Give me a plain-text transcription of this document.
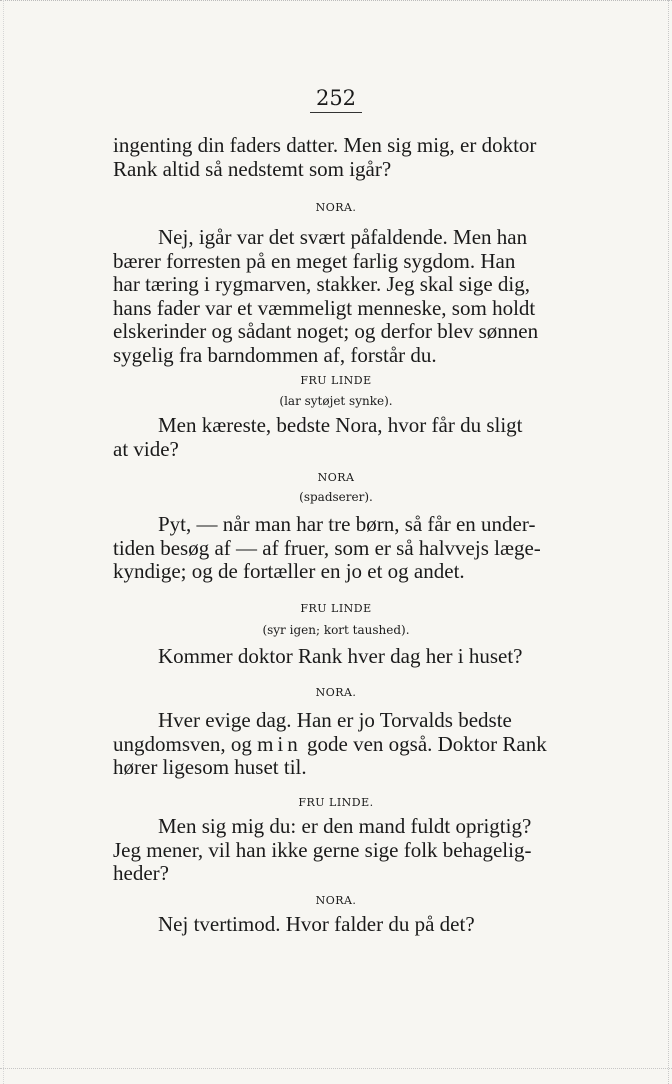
252
ingenting din faders datter. Men sig mig, er doktor
Rank altid så nedstemt som igår?

NORA.

Nej, igår var det svært påfaldende. Men han
bærer forresten på en meget farlig sygdom. Han
har tæring i rygmarven, stakker. Jeg skal sige dig,
hans fader var et væmmeligt menneske, som holdt
elskerinder og sådant noget; og derfor blev sønnen
sygelig fra barndommen af, forstår du.

FRU LINDE

(lar sytøjet synke).

Men kæreste, bedste Nora, hvor får du sligt
at vide?

NORA

(spadserer).

Pyt, — når man har tre børn, så får en under-
tiden besøg af — af fruer, som er så halvvejs læge-
kyndige; og de fortæller en jo et og andet.

FRU LINDE

(syr igen; kort taushed).

Kommer doktor Rank hver dag her i huset?

NORA.

Hver evige dag. Han er jo Torvalds bedste
ungdomsven, og min gode ven også. Doktor Rank
hører ligesom huset til.

FRU LINDE.

Men sig mig du: er den mand fuldt oprigtig?
Jeg mener, vil han ikke gerne sige folk behagelig-
heder?

NORA.

Nej tvertimod. Hvor falder du på det?
